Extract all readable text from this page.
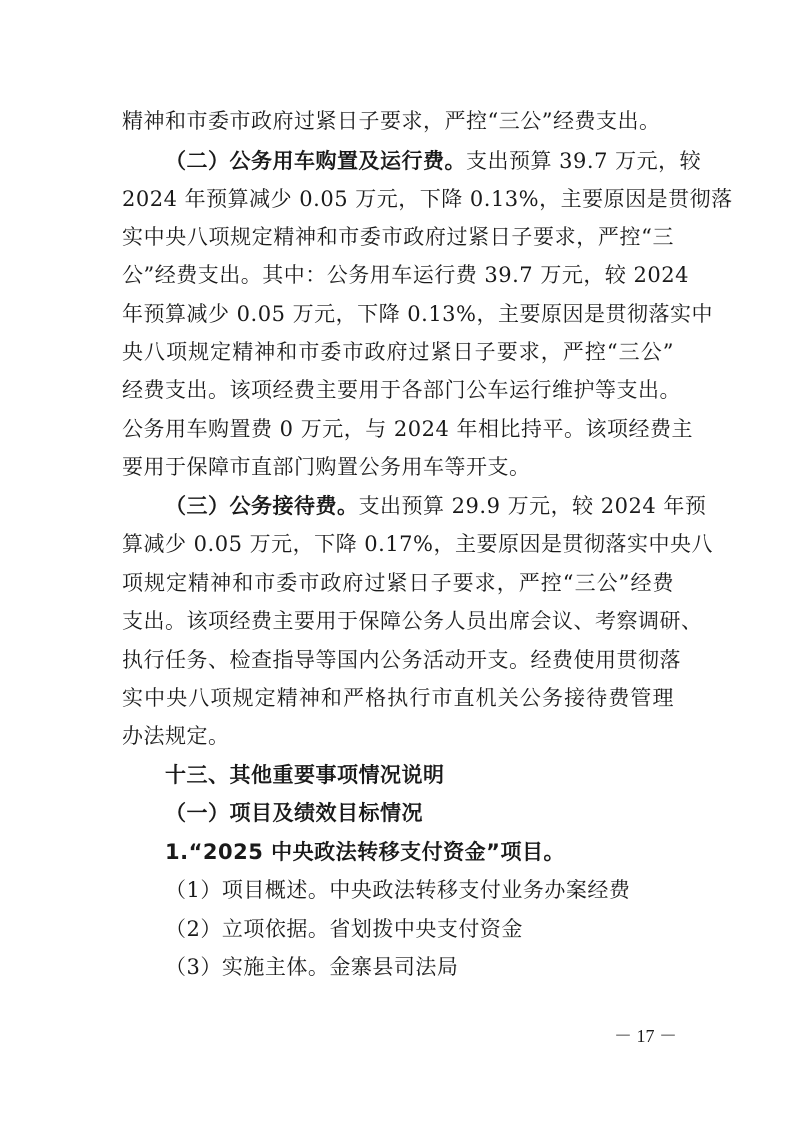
精神和市委市政府过紧日子要求，严控“三公”经费支出。
（二）公务用车购置及运行费。支出预算 39.7 万元，较
2024 年预算减少 0.05 万元，下降 0.13%，主要原因是贯彻落
实中央八项规定精神和市委市政府过紧日子要求，严控“三
公”经费支出。其中：公务用车运行费 39.7 万元，较 2024
年预算减少 0.05 万元，下降 0.13%，主要原因是贯彻落实中
央八项规定精神和市委市政府过紧日子要求，严控“三公”
经费支出。该项经费主要用于各部门公车运行维护等支出。
公务用车购置费 0 万元，与 2024 年相比持平。该项经费主
要用于保障市直部门购置公务用车等开支。
（三）公务接待费。支出预算 29.9 万元，较 2024 年预
算减少 0.05 万元，下降 0.17%，主要原因是贯彻落实中央八
项规定精神和市委市政府过紧日子要求，严控“三公”经费
支出。该项经费主要用于保障公务人员出席会议、考察调研、
执行任务、检查指导等国内公务活动开支。经费使用贯彻落
实中央八项规定精神和严格执行市直机关公务接待费管理
办法规定。
十三、其他重要事项情况说明
（一）项目及绩效目标情况
1.“2025 中央政法转移支付资金”项目。
（1）项目概述。中央政法转移支付业务办案经费
（2）立项依据。省划拨中央支付资金
（3）实施主体。金寨县司法局
－ 17 －
